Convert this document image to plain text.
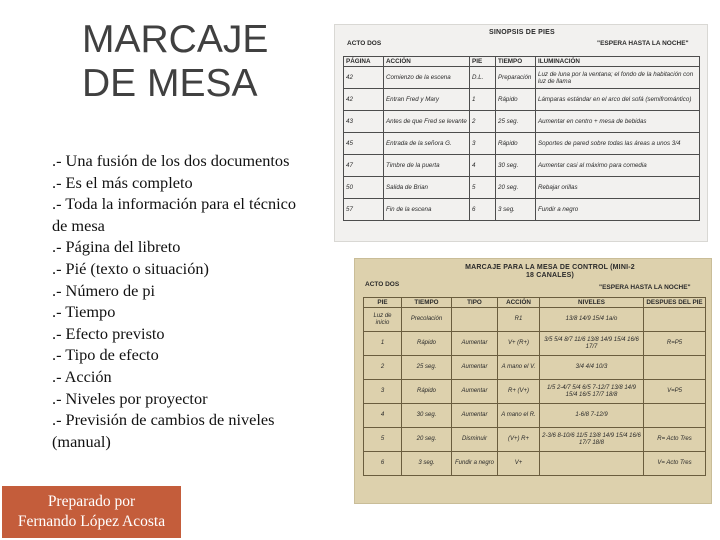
MARCAJE
DE MESA
.- Una fusión de los dos documentos
.- Es el más completo
.- Toda la información para el técnico de mesa
.- Página del libreto
.- Pié (texto o situación)
.- Número de pi
.- Tiempo
.- Efecto previsto
.- Tipo de efecto
.- Acción
.- Niveles por proyector
.- Previsión de cambios de niveles (manual)
Preparado por
Fernando López Acosta
SINOPSIS DE PIES
ACTO DOS	"ESPERA HASTA LA NOCHE"
PÁGINA	ACCIÓN	PIE	TIEMPO	ILUMINACIÓN
42	Comienzo de la escena	D.L.	Preparación	Luz de luna por la ventana; el fondo de la habitación con luz de llama
42	Entran Fred y Mary	1	Rápido	Lámparas estándar en el arco del sofá (semifromántico)
43	Antes de que Fred se levante	2	25 seg.	Aumentar en centro + mesa de bebidas
45	Entrada de la señora G.	3	Rápido	Soportes de pared sobre todas las áreas a unos 3/4
47	Timbre de la puerta	4	30 seg.	Aumentar casi al máximo para comedia
50	Salida de Brian	5	20 seg.	Rebajar orillas
57	Fin de la escena	6	3 seg.	Fundir a negro
MARCAJE PARA LA MESA DE CONTROL (MINI-2 18 CANALES)
ACTO DOS	"ESPERA HASTA LA NOCHE"
PIE	TIEMPO	TIPO	ACCIÓN	NIVELES	DESPUES DEL PIE
Luz de inicio	Precolación		R1	13/8 14/9 15/4 1a/o	
1	Rápido	Aumentar	V+ (R+)	3/5 5/4 8/7 11/6 13/8 14/9 15/4 16/6 17/7	R=P5
2	25 seg.	Aumentar	A mano el V.	3/4 4/4 10/3	
3	Rápido	Aumentar	R+ (V+)	1/5 2-4/7 5/4 6/5 7-12/7 13/8 14/9 15/4 16/5 17/7 18/8	V=P5
4	30 seg.	Aumentar	A mano el R.	1-6/8 7-12/9	
5	20 seg.	Disminuir	(V+) R+	2-3/6 8-10/6 11/5 13/8 14/9 15/4 16/6 17/7 18/8	R= Acto Tres
6	3 seg.	Fundir a negro	V+		V= Acto Tres
